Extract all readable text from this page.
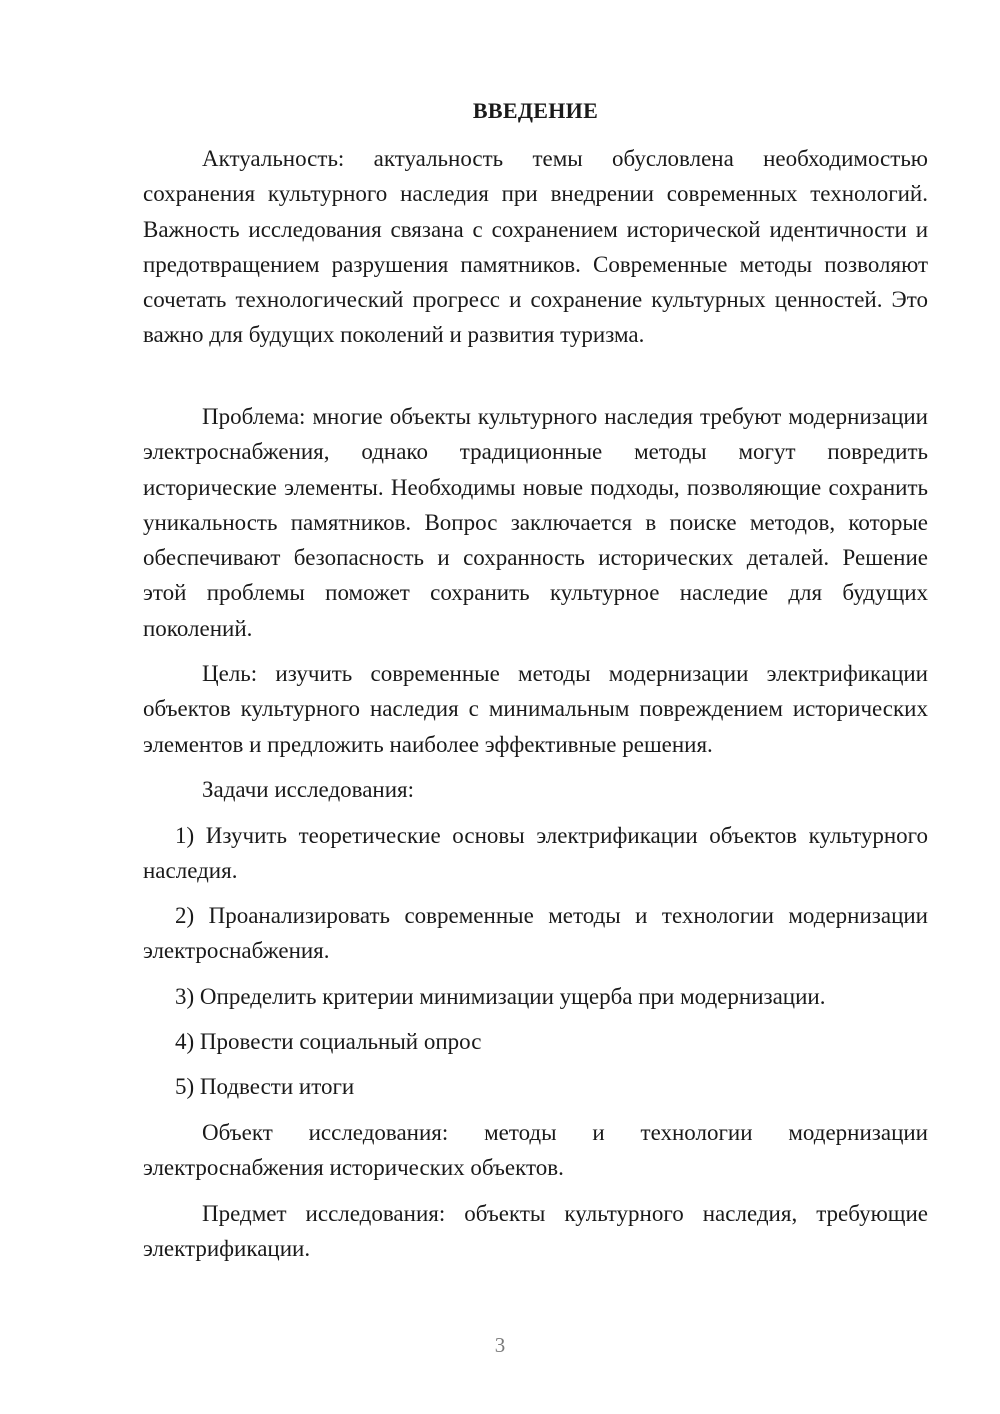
ВВЕДЕНИЕ

Актуальность: актуальность темы обусловлена необходимостью сохранения культурного наследия при внедрении современных технологий. Важность исследования связана с сохранением исторической идентичности и предотвращением разрушения памятников. Современные методы позволяют сочетать технологический прогресс и сохранение культурных ценностей. Это важно для будущих поколений и развития туризма.

Проблема: многие объекты культурного наследия требуют модернизации электроснабжения, однако традиционные методы могут повредить исторические элементы. Необходимы новые подходы, позволяющие сохранить уникальность памятников. Вопрос заключается в поиске методов, которые обеспечивают безопасность и сохранность исторических деталей. Решение этой проблемы поможет сохранить культурное наследие для будущих поколений.

Цель: изучить современные методы модернизации электрификации объектов культурного наследия с минимальным повреждением исторических элементов и предложить наиболее эффективные решения.

Задачи исследования:

1) Изучить теоретические основы электрификации объектов культурного наследия.

2) Проанализировать современные методы и технологии модернизации электроснабжения.

3) Определить критерии минимизации ущерба при модернизации.

4) Провести социальный опрос

5) Подвести итоги

Объект исследования: методы и технологии модернизации электроснабжения исторических объектов.

Предмет исследования: объекты культурного наследия, требующие электрификации.

3
